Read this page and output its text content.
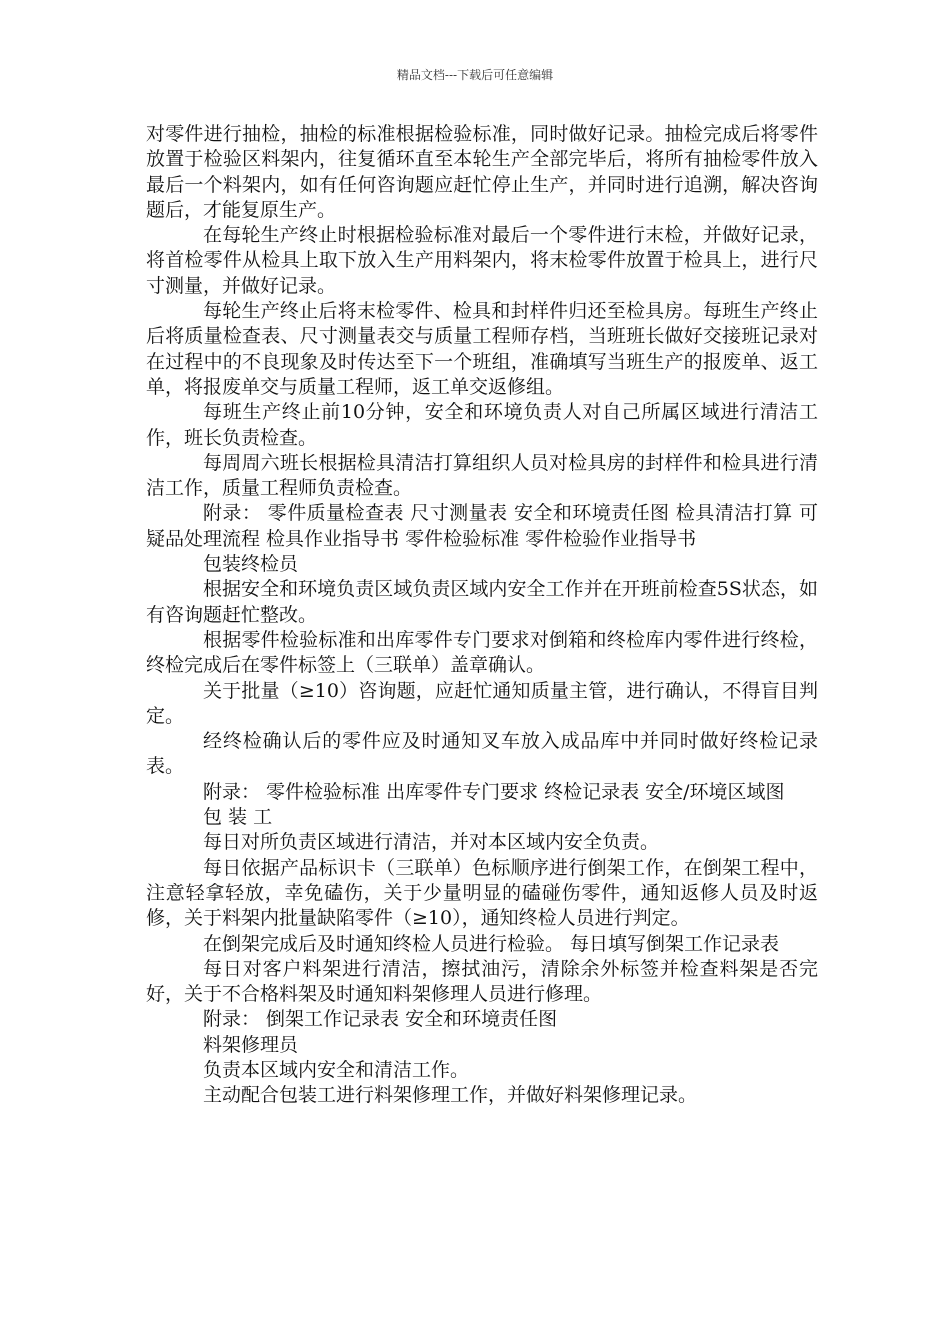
精品文档---下载后可任意编辑

对零件进行抽检，抽检的标准根据检验标准，同时做好记录。抽检完成后将零件放置于检验区料架内，往复循环直至本轮生产全部完毕后，将所有抽检零件放入最后一个料架内，如有任何咨询题应赶忙停止生产，并同时进行追溯，解决咨询题后，才能复原生产。

在每轮生产终止时根据检验标准对最后一个零件进行末检，并做好记录，将首检零件从检具上取下放入生产用料架内，将末检零件放置于检具上，进行尺寸测量，并做好记录。

每轮生产终止后将末检零件、检具和封样件归还至检具房。每班生产终止后将质量检查表、尺寸测量表交与质量工程师存档，当班班长做好交接班记录对在过程中的不良现象及时传达至下一个班组，准确填写当班生产的报废单、返工单，将报废单交与质量工程师，返工单交返修组。

每班生产终止前10分钟，安全和环境负责人对自己所属区域进行清洁工作，班长负责检查。

每周周六班长根据检具清洁打算组织人员对检具房的封样件和检具进行清洁工作，质量工程师负责检查。

附录： 零件质量检查表 尺寸测量表 安全和环境责任图 检具清洁打算 可疑品处理流程 检具作业指导书 零件检验标准 零件检验作业指导书

包装终检员

根据安全和环境负责区域负责区域内安全工作并在开班前检查5S状态，如有咨询题赶忙整改。

根据零件检验标准和出库零件专门要求对倒箱和终检库内零件进行终检，终检完成后在零件标签上（三联单）盖章确认。

关于批量（≥10）咨询题，应赶忙通知质量主管，进行确认，不得盲目判定。

经终检确认后的零件应及时通知叉车放入成品库中并同时做好终检记录表。

附录： 零件检验标准 出库零件专门要求 终检记录表 安全/环境区域图

包 装 工

每日对所负责区域进行清洁，并对本区域内安全负责。

每日依据产品标识卡（三联单）色标顺序进行倒架工作，在倒架工程中，注意轻拿轻放，幸免磕伤，关于少量明显的磕碰伤零件，通知返修人员及时返修，关于料架内批量缺陷零件（≥10），通知终检人员进行判定。

在倒架完成后及时通知终检人员进行检验。 每日填写倒架工作记录表

每日对客户料架进行清洁，擦拭油污，清除余外标签并检查料架是否完好，关于不合格料架及时通知料架修理人员进行修理。

附录： 倒架工作记录表 安全和环境责任图

料架修理员

负责本区域内安全和清洁工作。

主动配合包装工进行料架修理工作，并做好料架修理记录。
